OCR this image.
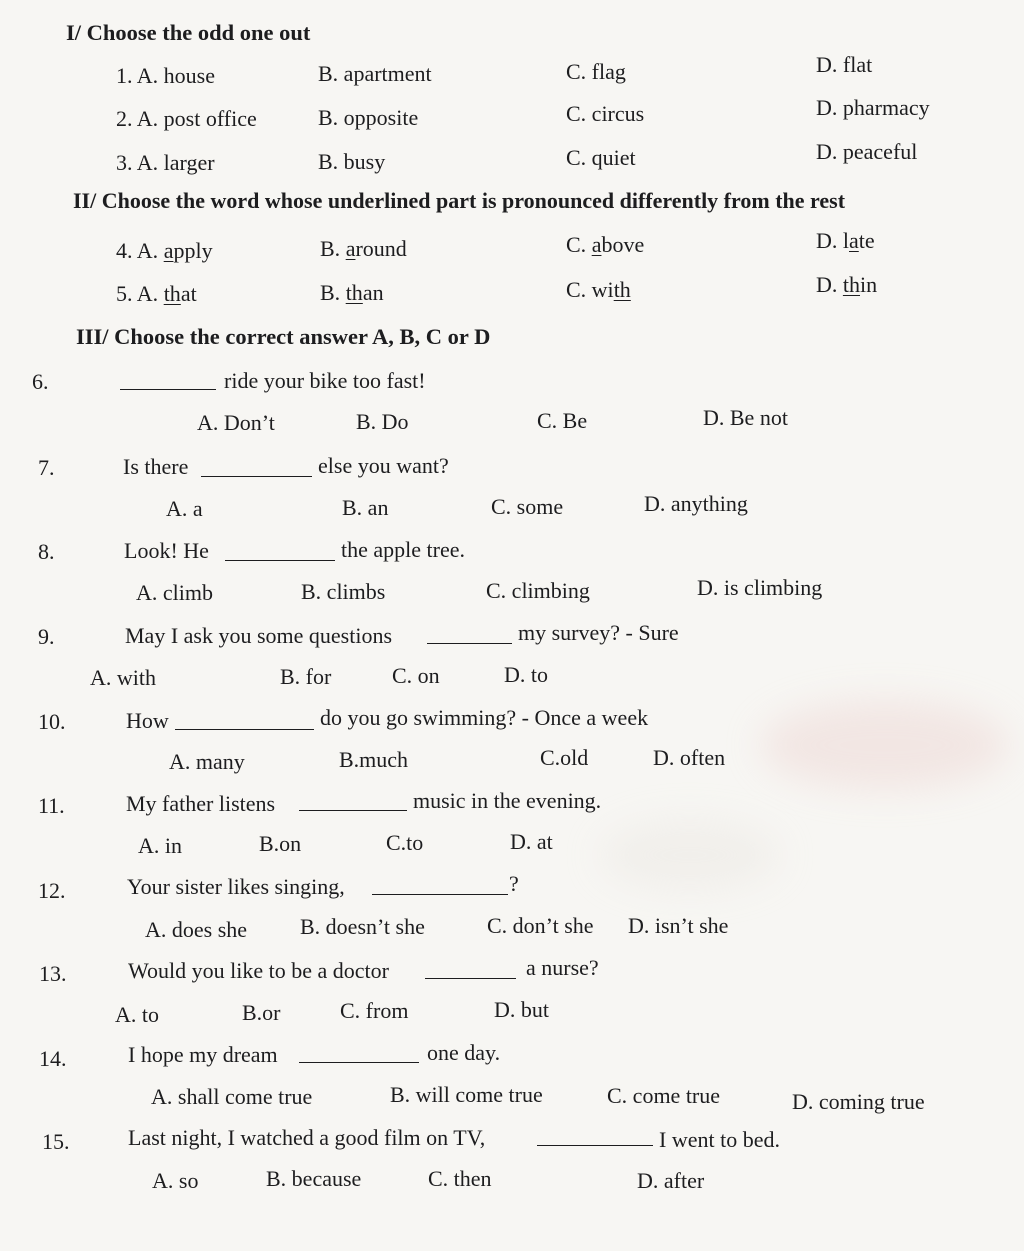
I/ Choose the odd one out
1. A. house	B. apartment	C. flag	D. flat
2. A. post office	B. opposite	C. circus	D. pharmacy
3. A. larger	B. busy	C. quiet	D. peaceful
II/ Choose the word whose underlined part is pronounced differently from the rest
4. A. apply	B. around	C. above	D. late
5. A. that	B. than	C. with	D. thin
III/ Choose the correct answer A, B, C or D
6.	ride your bike too fast!
A. Don’t	B. Do	C. Be	D. Be not
7.	Is there	else you want?
A. a	B. an	C. some	D. anything
8.	Look! He	the apple tree.
A. climb	B. climbs	C. climbing	D. is climbing
9.	May I ask you some questions	my survey? - Sure
A. with	B. for	C. on	D. to
10.	How	do you go swimming? - Once a week
A. many	B.much	C.old	D. often
11.	My father listens	music in the evening.
A. in	B.on	C.to	D. at
12.	Your sister likes singing,	?
A. does she B. doesn’t she	C. don’t she D. isn’t she
13.	Would you like to be a doctor	a nurse?
A. to	B.or	C. from	D. but
14.	I hope my dream	one day.
A. shall come true	B. will come true	C. come true	D. coming true
15.	Last night, I watched a good film on TV,	I went to bed.
A. so	B. because	C. then	D. after
